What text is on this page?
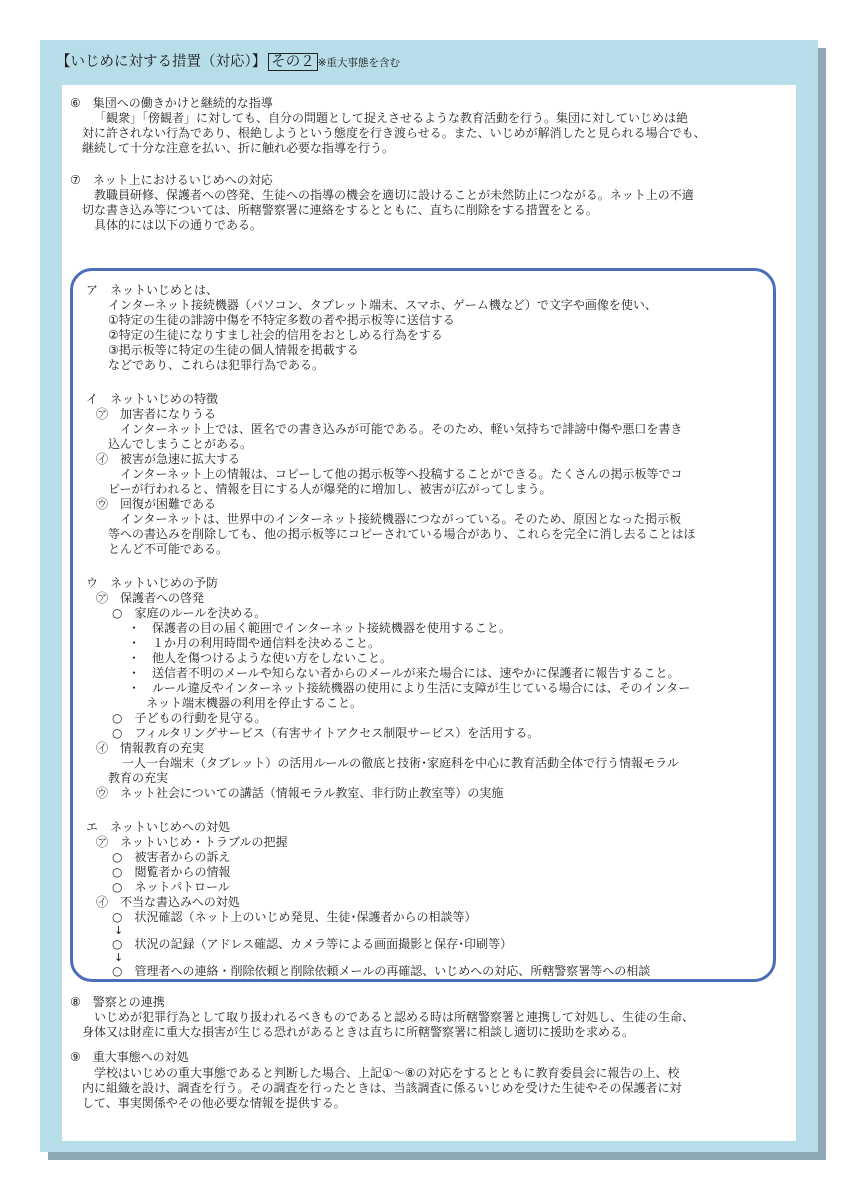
【いじめに対する措置（対応）】 その２ ※重大事態を含む
⑥　集団への働きかけと継続的な指導
「観衆」「傍観者」に対しても、自分の問題として捉えさせるような教育活動を行う。集団に対していじめは絶
対に許されない行為であり、根絶しようという態度を行き渡らせる。また、いじめが解消したと見られる場合でも、
継続して十分な注意を払い、折に触れ必要な指導を行う。
⑦　ネット上におけるいじめへの対応
教職員研修、保護者への啓発、生徒への指導の機会を適切に設けることが未然防止につながる。ネット上の不適
切な書き込み等については、所轄警察署に連絡をするとともに、直ちに削除をする措置をとる。
具体的には以下の通りである。
ア　ネットいじめとは、
インターネット接続機器（パソコン、タブレット端末、スマホ、ゲーム機など）で文字や画像を使い、
①特定の生徒の誹謗中傷を不特定多数の者や掲示板等に送信する
②特定の生徒になりすまし社会的信用をおとしめる行為をする
③掲示板等に特定の生徒の個人情報を掲載する
などであり、これらは犯罪行為である。
イ　ネットいじめの特徴
㋐　加害者になりうる
インターネット上では、匿名での書き込みが可能である。そのため、軽い気持ちで誹謗中傷や悪口を書き
込んでしまうことがある。
㋑　被害が急速に拡大する
インターネット上の情報は、コピーして他の掲示板等へ投稿することができる。たくさんの掲示板等でコ
ピーが行われると、情報を目にする人が爆発的に増加し、被害が広がってしまう。
㋒　回復が困難である
インターネットは、世界中のインターネット接続機器につながっている。そのため、原因となった掲示板
等への書込みを削除しても、他の掲示板等にコピーされている場合があり、これらを完全に消し去ることはほ
とんど不可能である。
ウ　ネットいじめの予防
㋐　保護者への啓発
○　家庭のルールを決める。
・　保護者の目の届く範囲でインターネット接続機器を使用すること。
・　１か月の利用時間や通信料を決めること。
・　他人を傷つけるような使い方をしないこと。
・　送信者不明のメールや知らない者からのメールが来た場合には、速やかに保護者に報告すること。
・　ルール違反やインターネット接続機器の使用により生活に支障が生じている場合には、そのインター
ネット端末機器の利用を停止すること。
○　子どもの行動を見守る。
○　フィルタリングサービス（有害サイトアクセス制限サービス）を活用する。
㋑　情報教育の充実
一人一台端末（タブレット）の活用ルールの徹底と技術･家庭科を中心に教育活動全体で行う情報モラル
教育の充実
㋒　ネット社会についての講話（情報モラル教室、非行防止教室等）の実施
エ　ネットいじめへの対処
㋐　ネットいじめ・トラブルの把握
○　被害者からの訴え
○　閲覧者からの情報
○　ネットパトロール
㋑　不当な書込みへの対処
○　状況確認（ネット上のいじめ発見、生徒･保護者からの相談等）
↓
○　状況の記録（アドレス確認、カメラ等による画面撮影と保存･印刷等）
↓
○　管理者への連絡・削除依頼と削除依頼メールの再確認、いじめへの対応、所轄警察署等への相談
⑧　警察との連携
いじめが犯罪行為として取り扱われるべきものであると認める時は所轄警察署と連携して対処し、生徒の生命、
身体又は財産に重大な損害が生じる恐れがあるときは直ちに所轄警察署に相談し適切に援助を求める。
⑨　重大事態への対処
学校はいじめの重大事態であると判断した場合、上記①～⑧の対応をするとともに教育委員会に報告の上、校
内に組織を設け、調査を行う。その調査を行ったときは、当該調査に係るいじめを受けた生徒やその保護者に対
して、事実関係やその他必要な情報を提供する。
